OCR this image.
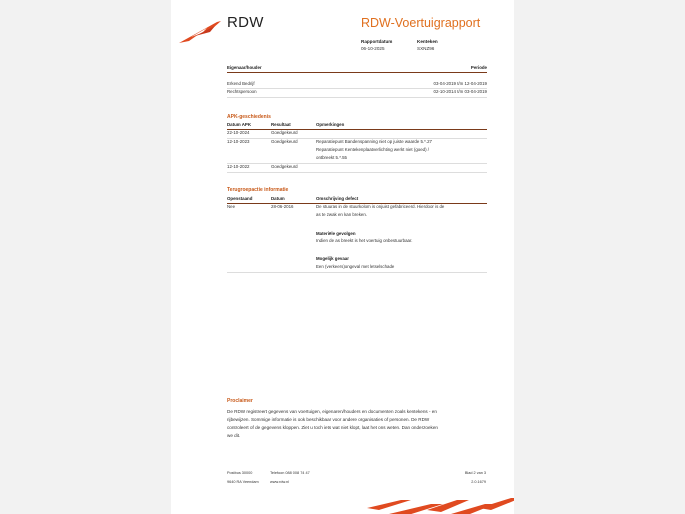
RDW	RDW-Voertuigrapport
Rapportdatum
06-10-2025
Kenteken
SXNZ96
Eigenaar/houder	Periode
Erkend Bedrijf	03-04-2019 t/m 12-04-2019
Rechtspersoon	02-10-2014 t/m 03-04-2019
APK-geschiedenis
Datum APK	Resultaat	Opmerkingen
22-10-2024	Goedgekeurd
12-10-2023	Goedgekeurd	Reparatiepunt Bandenspanning niet op juiste waarde 5.*.27
Reparatiepunt Kentekenplaatverlichting werkt niet (goed) /
ontbreekt 5.*.55
12-10-2022	Goedgekeurd
Terugroepactie informatie
Openstaand	Datum	Omschrijving defect
Nee	28-06-2016	De stuuras in de stuurkolom is onjuist gefabriceerd. Hierdoor is de
as te zwak en kan breken.
Materiële gevolgen
Indien de as breekt is het voertuig onbestuurbaar.
Mogelijk gevaar
Een (verkeers)ongeval met letselschade
Proclaimer
De RDW registreert gegevens van voertuigen, eigenaren/houders en documenten zoals kentekens - en
rijbewijzen. Sommige informatie is ook beschikbaar voor andere organisaties of personen. De RDW
controleert of de gegevens kloppen. Ziet u toch iets wat niet klopt, laat het ons weten. Dan onderzoeken
we dit.
Postbus 30000
9640 RA Veendam
Telefoon 088 008 74 47
www.rdw.nl
Blad 2 van 3
2.0.1679
